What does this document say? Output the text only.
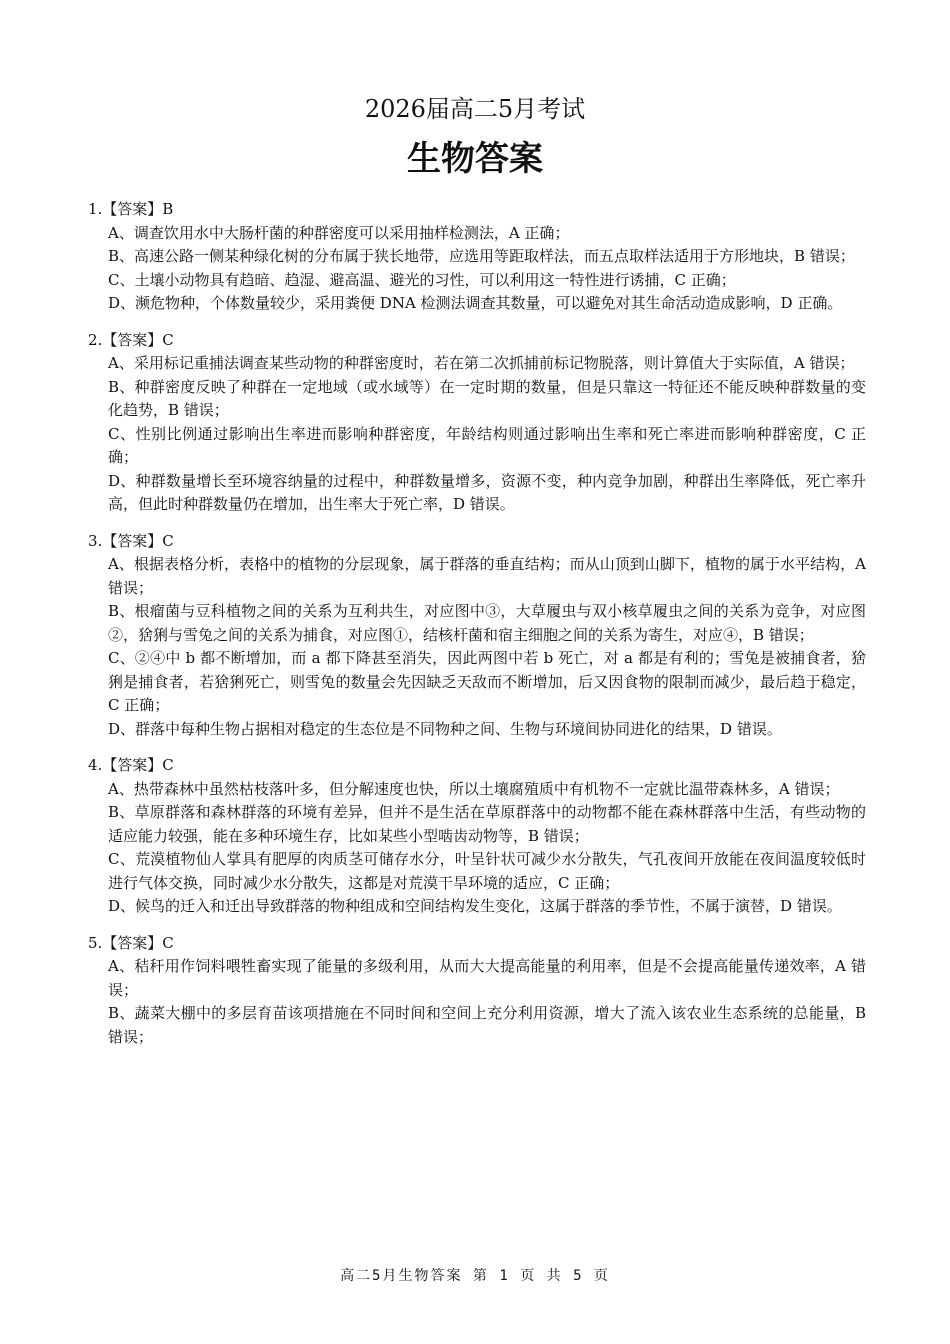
2026届高二5月考试
生物答案
1.【答案】B
A、调查饮用水中大肠杆菌的种群密度可以采用抽样检测法，A 正确；
B、高速公路一侧某种绿化树的分布属于狭长地带，应选用等距取样法，而五点取样法适用于方形地块，B 错误；
C、土壤小动物具有趋暗、趋湿、避高温、避光的习性，可以利用这一特性进行诱捕，C 正确；
D、濒危物种，个体数量较少，采用粪便 DNA 检测法调查其数量，可以避免对其生命活动造成影响，D 正确。
2.【答案】C
A、采用标记重捕法调查某些动物的种群密度时，若在第二次抓捕前标记物脱落，则计算值大于实际值，A 错误；
B、种群密度反映了种群在一定地域（或水域等）在一定时期的数量，但是只靠这一特征还不能反映种群数量的变化趋势，B 错误；
C、性别比例通过影响出生率进而影响种群密度，年龄结构则通过影响出生率和死亡率进而影响种群密度，C 正确；
D、种群数量增长至环境容纳量的过程中，种群数量增多，资源不变，种内竞争加剧，种群出生率降低，死亡率升高，但此时种群数量仍在增加，出生率大于死亡率，D 错误。
3.【答案】C
A、根据表格分析，表格中的植物的分层现象，属于群落的垂直结构；而从山顶到山脚下，植物的属于水平结构，A 错误；
B、根瘤菌与豆科植物之间的关系为互利共生，对应图中③，大草履虫与双小核草履虫之间的关系为竞争，对应图②，猞猁与雪兔之间的关系为捕食，对应图①，结核杆菌和宿主细胞之间的关系为寄生，对应④，B 错误；
C、②④中 b 都不断增加，而 a 都下降甚至消失，因此两图中若 b 死亡，对 a 都是有利的；雪兔是被捕食者，猞猁是捕食者，若猞猁死亡，则雪兔的数量会先因缺乏天敌而不断增加，后又因食物的限制而减少，最后趋于稳定，C 正确；
D、群落中每种生物占据相对稳定的生态位是不同物种之间、生物与环境间协同进化的结果，D 错误。
4.【答案】C
A、热带森林中虽然枯枝落叶多，但分解速度也快，所以土壤腐殖质中有机物不一定就比温带森林多，A 错误；
B、草原群落和森林群落的环境有差异，但并不是生活在草原群落中的动物都不能在森林群落中生活，有些动物的适应能力较强，能在多种环境生存，比如某些小型啮齿动物等，B 错误；
C、荒漠植物仙人掌具有肥厚的肉质茎可储存水分，叶呈针状可减少水分散失，气孔夜间开放能在夜间温度较低时进行气体交换，同时减少水分散失，这都是对荒漠干旱环境的适应，C 正确；
D、候鸟的迁入和迁出导致群落的物种组成和空间结构发生变化，这属于群落的季节性，不属于演替，D 错误。
5.【答案】C
A、秸秆用作饲料喂牲畜实现了能量的多级利用，从而大大提高能量的利用率，但是不会提高能量传递效率，A 错误；
B、蔬菜大棚中的多层育苗该项措施在不同时间和空间上充分利用资源，增大了流入该农业生态系统的总能量，B 错误；
高二5月生物答案 第 1 页 共 5 页
